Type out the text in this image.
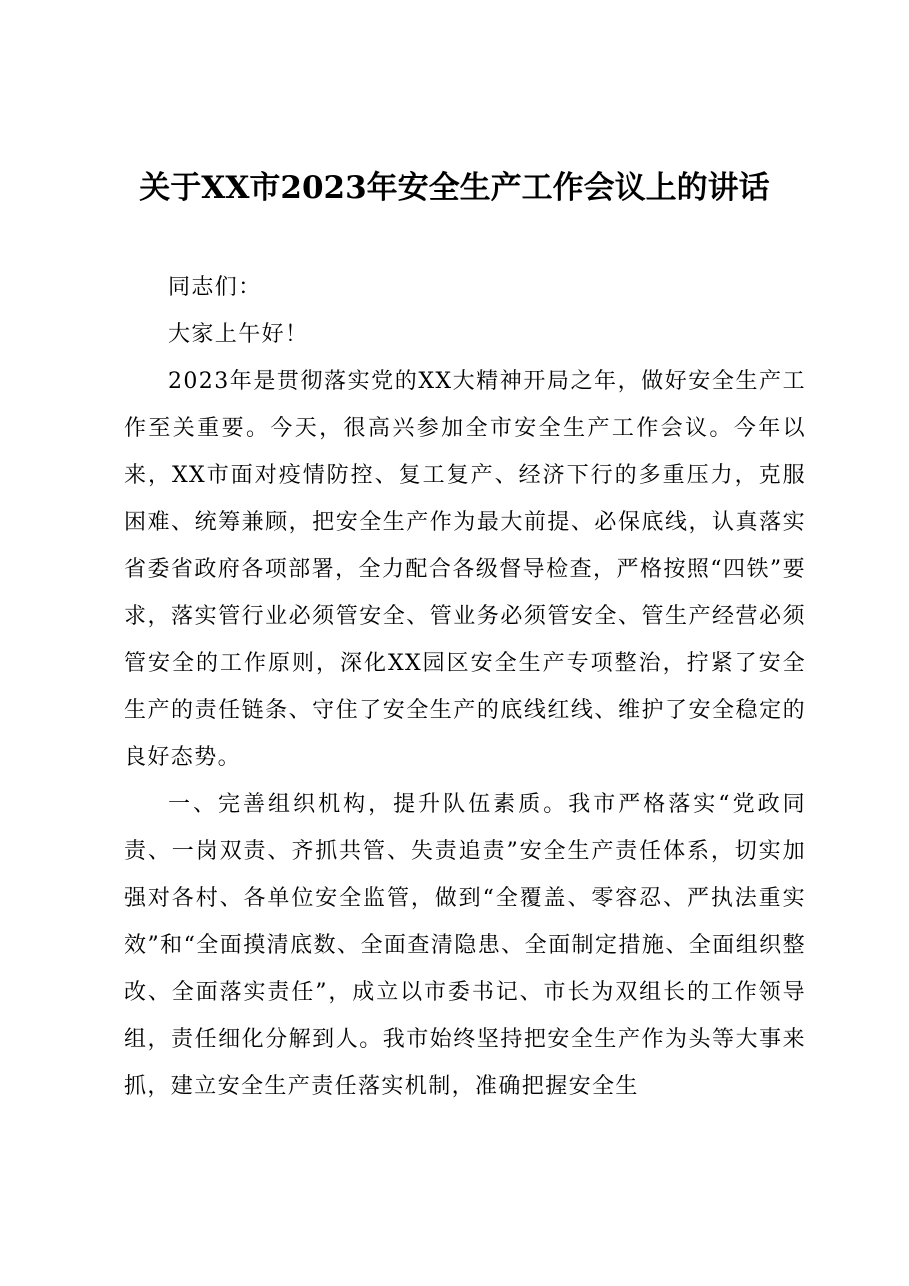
关于XX市2023年安全生产工作会议上的讲话

同志们：

大家上午好！

2023年是贯彻落实党的XX大精神开局之年，做好安全生产工作至关重要。今天，很高兴参加全市安全生产工作会议。今年以来，XX市面对疫情防控、复工复产、经济下行的多重压力，克服困难、统筹兼顾，把安全生产作为最大前提、必保底线，认真落实省委省政府各项部署，全力配合各级督导检查，严格按照“四铁”要求，落实管行业必须管安全、管业务必须管安全、管生产经营必须管安全的工作原则，深化XX园区安全生产专项整治，拧紧了安全生产的责任链条、守住了安全生产的底线红线、维护了安全稳定的良好态势。

一、完善组织机构，提升队伍素质。我市严格落实“党政同责、一岗双责、齐抓共管、失责追责”安全生产责任体系，切实加强对各村、各单位安全监管，做到“全覆盖、零容忍、严执法重实效”和“全面摸清底数、全面查清隐患、全面制定措施、全面组织整改、全面落实责任”，成立以市委书记、市长为双组长的工作领导组，责任细化分解到人。我市始终坚持把安全生产作为头等大事来抓，建立安全生产责任落实机制，准确把握安全生
